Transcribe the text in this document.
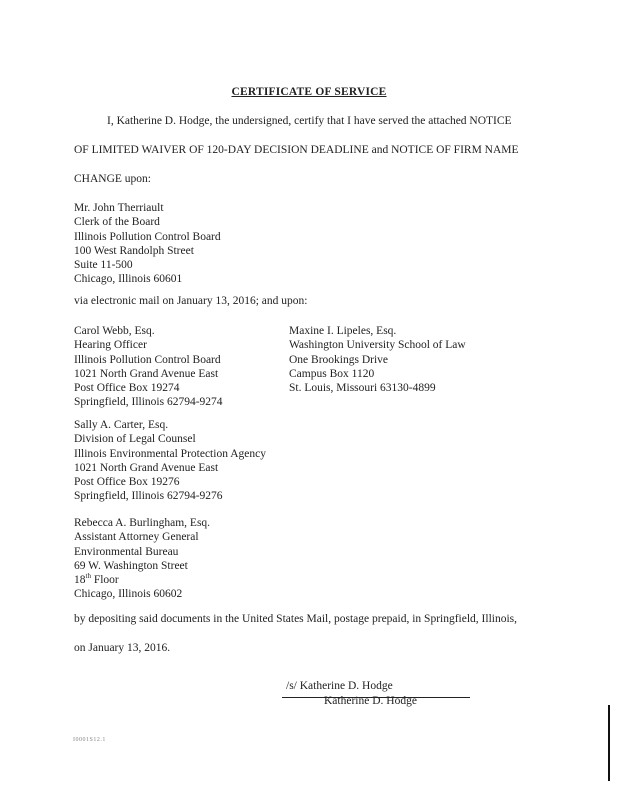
CERTIFICATE OF SERVICE
I, Katherine D. Hodge, the undersigned, certify that I have served the attached NOTICE
OF LIMITED WAIVER OF 120-DAY DECISION DEADLINE and NOTICE OF FIRM NAME
CHANGE upon:
Mr. John Therriault
Clerk of the Board
Illinois Pollution Control Board
100 West Randolph Street
Suite 11-500
Chicago, Illinois 60601
via electronic mail on January 13, 2016; and upon:
Carol Webb, Esq.
Hearing Officer
Illinois Pollution Control Board
1021 North Grand Avenue East
Post Office Box 19274
Springfield, Illinois 62794-9274
Maxine I. Lipeles, Esq.
Washington University School of Law
One Brookings Drive
Campus Box 1120
St. Louis, Missouri 63130-4899
Sally A. Carter, Esq.
Division of Legal Counsel
Illinois Environmental Protection Agency
1021 North Grand Avenue East
Post Office Box 19276
Springfield, Illinois 62794-9276
Rebecca A. Burlingham, Esq.
Assistant Attorney General
Environmental Bureau
69 W. Washington Street
18th Floor
Chicago, Illinois 60602
by depositing said documents in the United States Mail, postage prepaid, in Springfield, Illinois,
on January 13, 2016.
/s/ Katherine D. Hodge
Katherine D. Hodge
I0001S12.1
